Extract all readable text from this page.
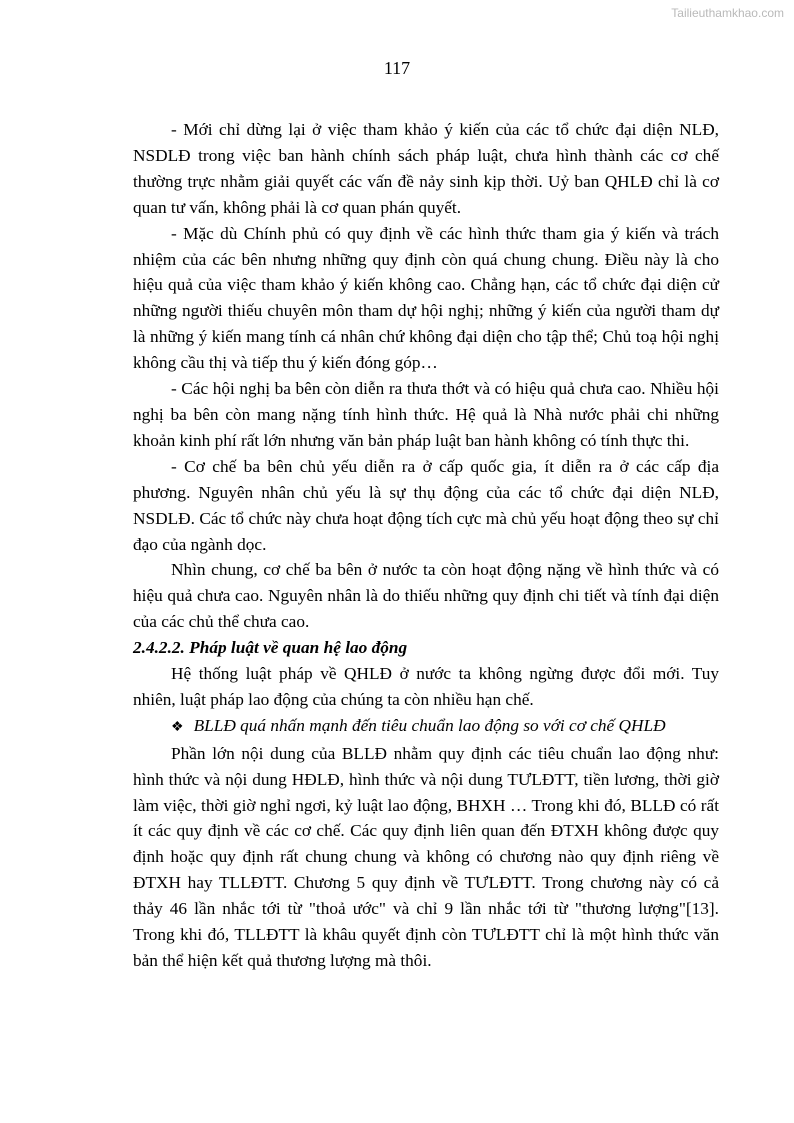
Tailieuthamkhao.com
117

- Mới chỉ dừng lại ở việc tham khảo ý kiến của các tổ chức đại diện NLĐ, NSDLĐ trong việc ban hành chính sách pháp luật, chưa hình thành các cơ chế thường trực nhằm giải quyết các vấn đề nảy sinh kịp thời. Uỷ ban QHLĐ chỉ là cơ quan tư vấn, không phải là cơ quan phán quyết.

- Mặc dù Chính phủ có quy định về các hình thức tham gia ý kiến và trách nhiệm của các bên nhưng những quy định còn quá chung chung. Điều này là cho hiệu quả của việc tham khảo ý kiến không cao. Chẳng hạn, các tổ chức đại diện cử những người thiếu chuyên môn tham dự hội nghị; những ý kiến của người tham dự là những ý kiến mang tính cá nhân chứ không đại diện cho tập thể; Chủ toạ hội nghị không cầu thị và tiếp thu ý kiến đóng góp…

- Các hội nghị ba bên còn diễn ra thưa thớt và có hiệu quả chưa cao. Nhiều hội nghị ba bên còn mang nặng tính hình thức. Hệ quả là Nhà nước phải chi những khoản kinh phí rất lớn nhưng văn bản pháp luật ban hành không có tính thực thi.

- Cơ chế ba bên chủ yếu diễn ra ở cấp quốc gia, ít diễn ra ở các cấp địa phương. Nguyên nhân chủ yếu là sự thụ động của các tổ chức đại diện NLĐ, NSDLĐ. Các tổ chức này chưa hoạt động tích cực mà chủ yếu hoạt động theo sự chỉ đạo của ngành dọc.

Nhìn chung, cơ chế ba bên ở nước ta còn hoạt động nặng về hình thức và có hiệu quả chưa cao. Nguyên nhân là do thiếu những quy định chi tiết và tính đại diện của các chủ thể chưa cao.

2.4.2.2. Pháp luật về quan hệ lao động

Hệ thống luật pháp về QHLĐ ở nước ta không ngừng được đổi mới. Tuy nhiên, luật pháp lao động của chúng ta còn nhiều hạn chế.

❖ BLLĐ quá nhấn mạnh đến tiêu chuẩn lao động so với cơ chế QHLĐ

Phần lớn nội dung của BLLĐ nhằm quy định các tiêu chuẩn lao động như: hình thức và nội dung HĐLĐ, hình thức và nội dung TƯLĐTT, tiền lương, thời giờ làm việc, thời giờ nghỉ ngơi, kỷ luật lao động, BHXH … Trong khi đó, BLLĐ có rất ít các quy định về các cơ chế. Các quy định liên quan đến ĐTXH không được quy định hoặc quy định rất chung chung và không có chương nào quy định riêng về ĐTXH hay TLLĐTT. Chương 5 quy định về TƯLĐTT. Trong chương này có cả thảy 46 lần nhắc tới từ "thoả ước" và chỉ 9 lần nhắc tới từ "thương lượng"[13]. Trong khi đó, TLLĐTT là khâu quyết định còn TƯLĐTT chỉ là một hình thức văn bản thể hiện kết quả thương lượng mà thôi.
